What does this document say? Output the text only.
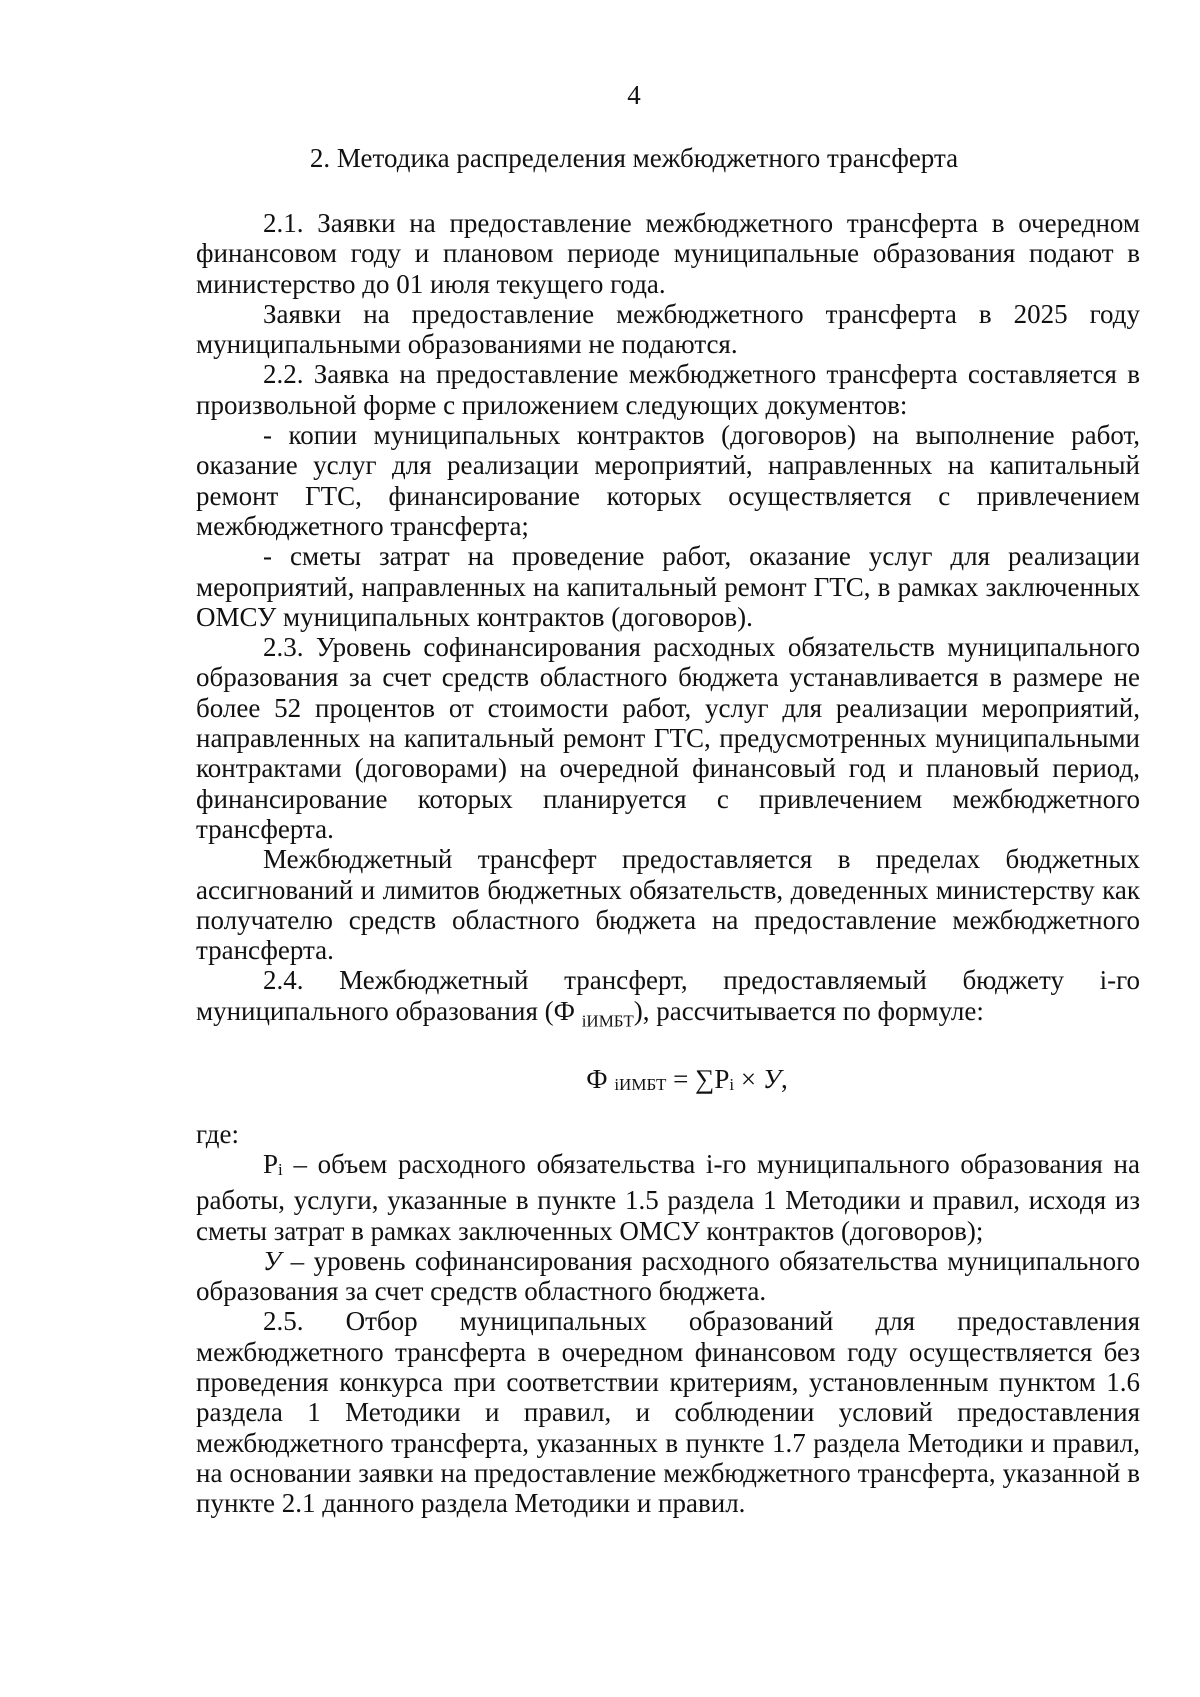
4
2. Методика распределения межбюджетного трансферта

2.1. Заявки на предоставление межбюджетного трансферта в очередном финансовом году и плановом периоде муниципальные образования подают в министерство до 01 июля текущего года.

Заявки на предоставление межбюджетного трансферта в 2025 году муниципальными образованиями не подаются.

2.2. Заявка на предоставление межбюджетного трансферта составляется в произвольной форме с приложением следующих документов:

- копии муниципальных контрактов (договоров) на выполнение работ, оказание услуг для реализации мероприятий, направленных на капитальный ремонт ГТС, финансирование которых осуществляется с привлечением межбюджетного трансферта;

- сметы затрат на проведение работ, оказание услуг для реализации мероприятий, направленных на капитальный ремонт ГТС, в рамках заключенных ОМСУ муниципальных контрактов (договоров).

2.3. Уровень софинансирования расходных обязательств муниципального образования за счет средств областного бюджета устанавливается в размере не более 52 процентов от стоимости работ, услуг для реализации мероприятий, направленных на капитальный ремонт ГТС, предусмотренных муниципальными контрактами (договорами) на очередной финансовый год и плановый период, финансирование которых планируется с привлечением межбюджетного трансферта.

Межбюджетный трансферт предоставляется в пределах бюджетных ассигнований и лимитов бюджетных обязательств, доведенных министерству как получателю средств областного бюджета на предоставление межбюджетного трансферта.

2.4. Межбюджетный трансферт, предоставляемый бюджету i-го муниципального образования (Ф $_{iИМБТ}$), рассчитывается по формуле:

Ф $_{iИМБТ} = \sum P_i \times У$,

где:

$P_i$ – объем расходного обязательства i-го муниципального образования на работы, услуги, указанные в пункте 1.5 раздела 1 Методики и правил, исходя из сметы затрат в рамках заключенных ОМСУ контрактов (договоров);

У – уровень софинансирования расходного обязательства муниципального образования за счет средств областного бюджета.

2.5. Отбор муниципальных образований для предоставления межбюджетного трансферта в очередном финансовом году осуществляется без проведения конкурса при соответствии критериям, установленным пунктом 1.6 раздела 1 Методики и правил, и соблюдении условий предоставления межбюджетного трансферта, указанных в пункте 1.7 раздела Методики и правил, на основании заявки на предоставление межбюджетного трансферта, указанной в пункте 2.1 данного раздела Методики и правил.
